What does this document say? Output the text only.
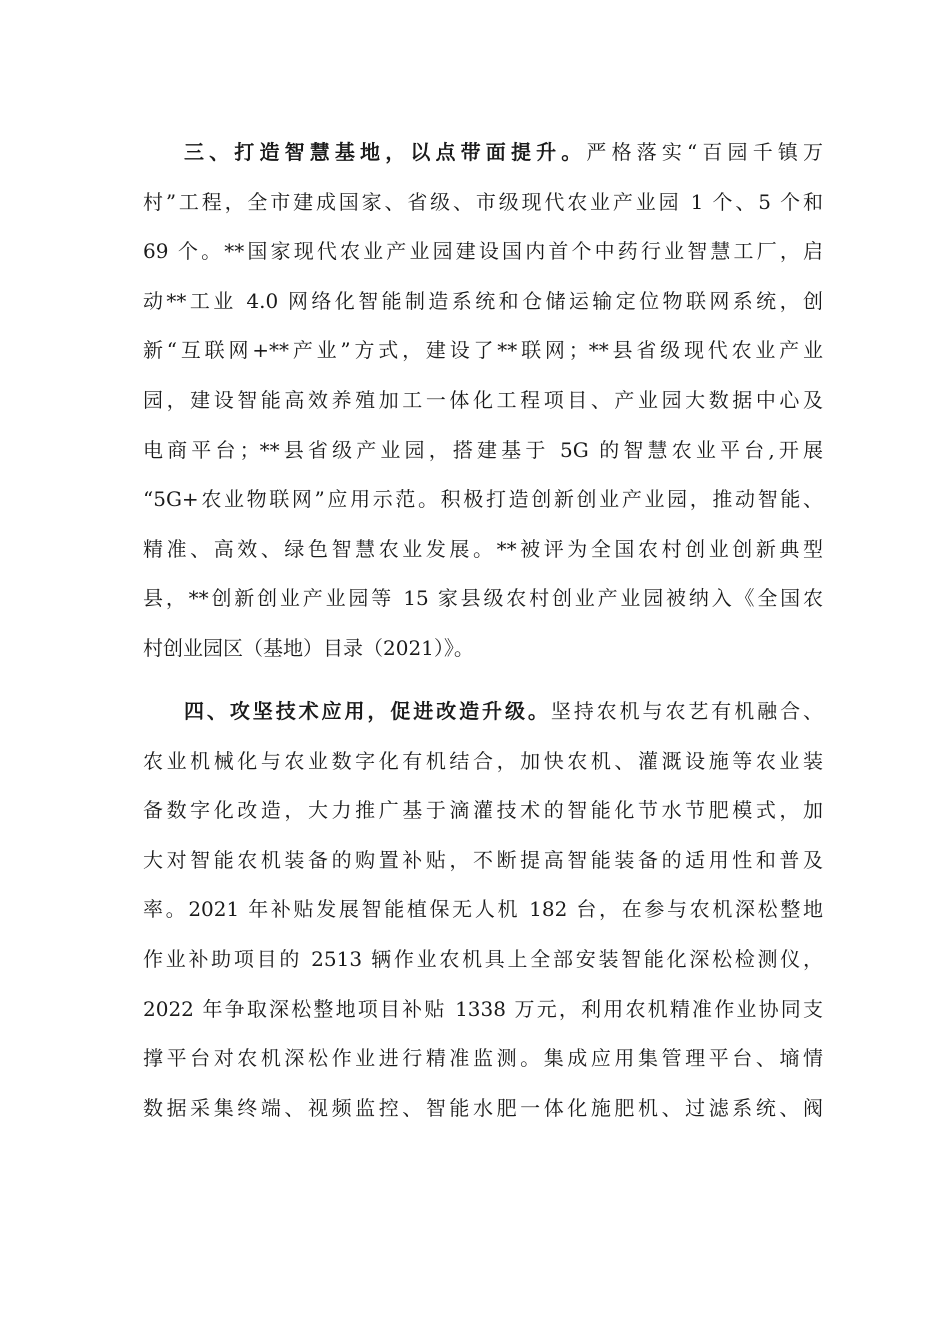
三、打造智慧基地，以点带面提升。严格落实“百园千镇万
村”工程，全市建成国家、省级、市级现代农业产业园 1 个、5 个和
69 个。**国家现代农业产业园建设国内首个中药行业智慧工厂，启
动**工业 4.0 网络化智能制造系统和仓储运输定位物联网系统，创
新“互联网+**产业”方式，建设了**联网；**县省级现代农业产业
园，建设智能高效养殖加工一体化工程项目、产业园大数据中心及
电商平台；**县省级产业园，搭建基于 5G 的智慧农业平台,开展
“5G+农业物联网”应用示范。积极打造创新创业产业园，推动智能、
精准、高效、绿色智慧农业发展。**被评为全国农村创业创新典型
县，**创新创业产业园等 15 家县级农村创业产业园被纳入《全国农
村创业园区（基地）目录（2021）》。
四、攻坚技术应用，促进改造升级。坚持农机与农艺有机融合、
农业机械化与农业数字化有机结合，加快农机、灌溉设施等农业装
备数字化改造，大力推广基于滴灌技术的智能化节水节肥模式，加
大对智能农机装备的购置补贴，不断提高智能装备的适用性和普及
率。2021 年补贴发展智能植保无人机 182 台，在参与农机深松整地
作业补助项目的 2513 辆作业农机具上全部安装智能化深松检测仪，
2022 年争取深松整地项目补贴 1338 万元，利用农机精准作业协同支
撑平台对农机深松作业进行精准监测。集成应用集管理平台、墒情
数据采集终端、视频监控、智能水肥一体化施肥机、过滤系统、阀
